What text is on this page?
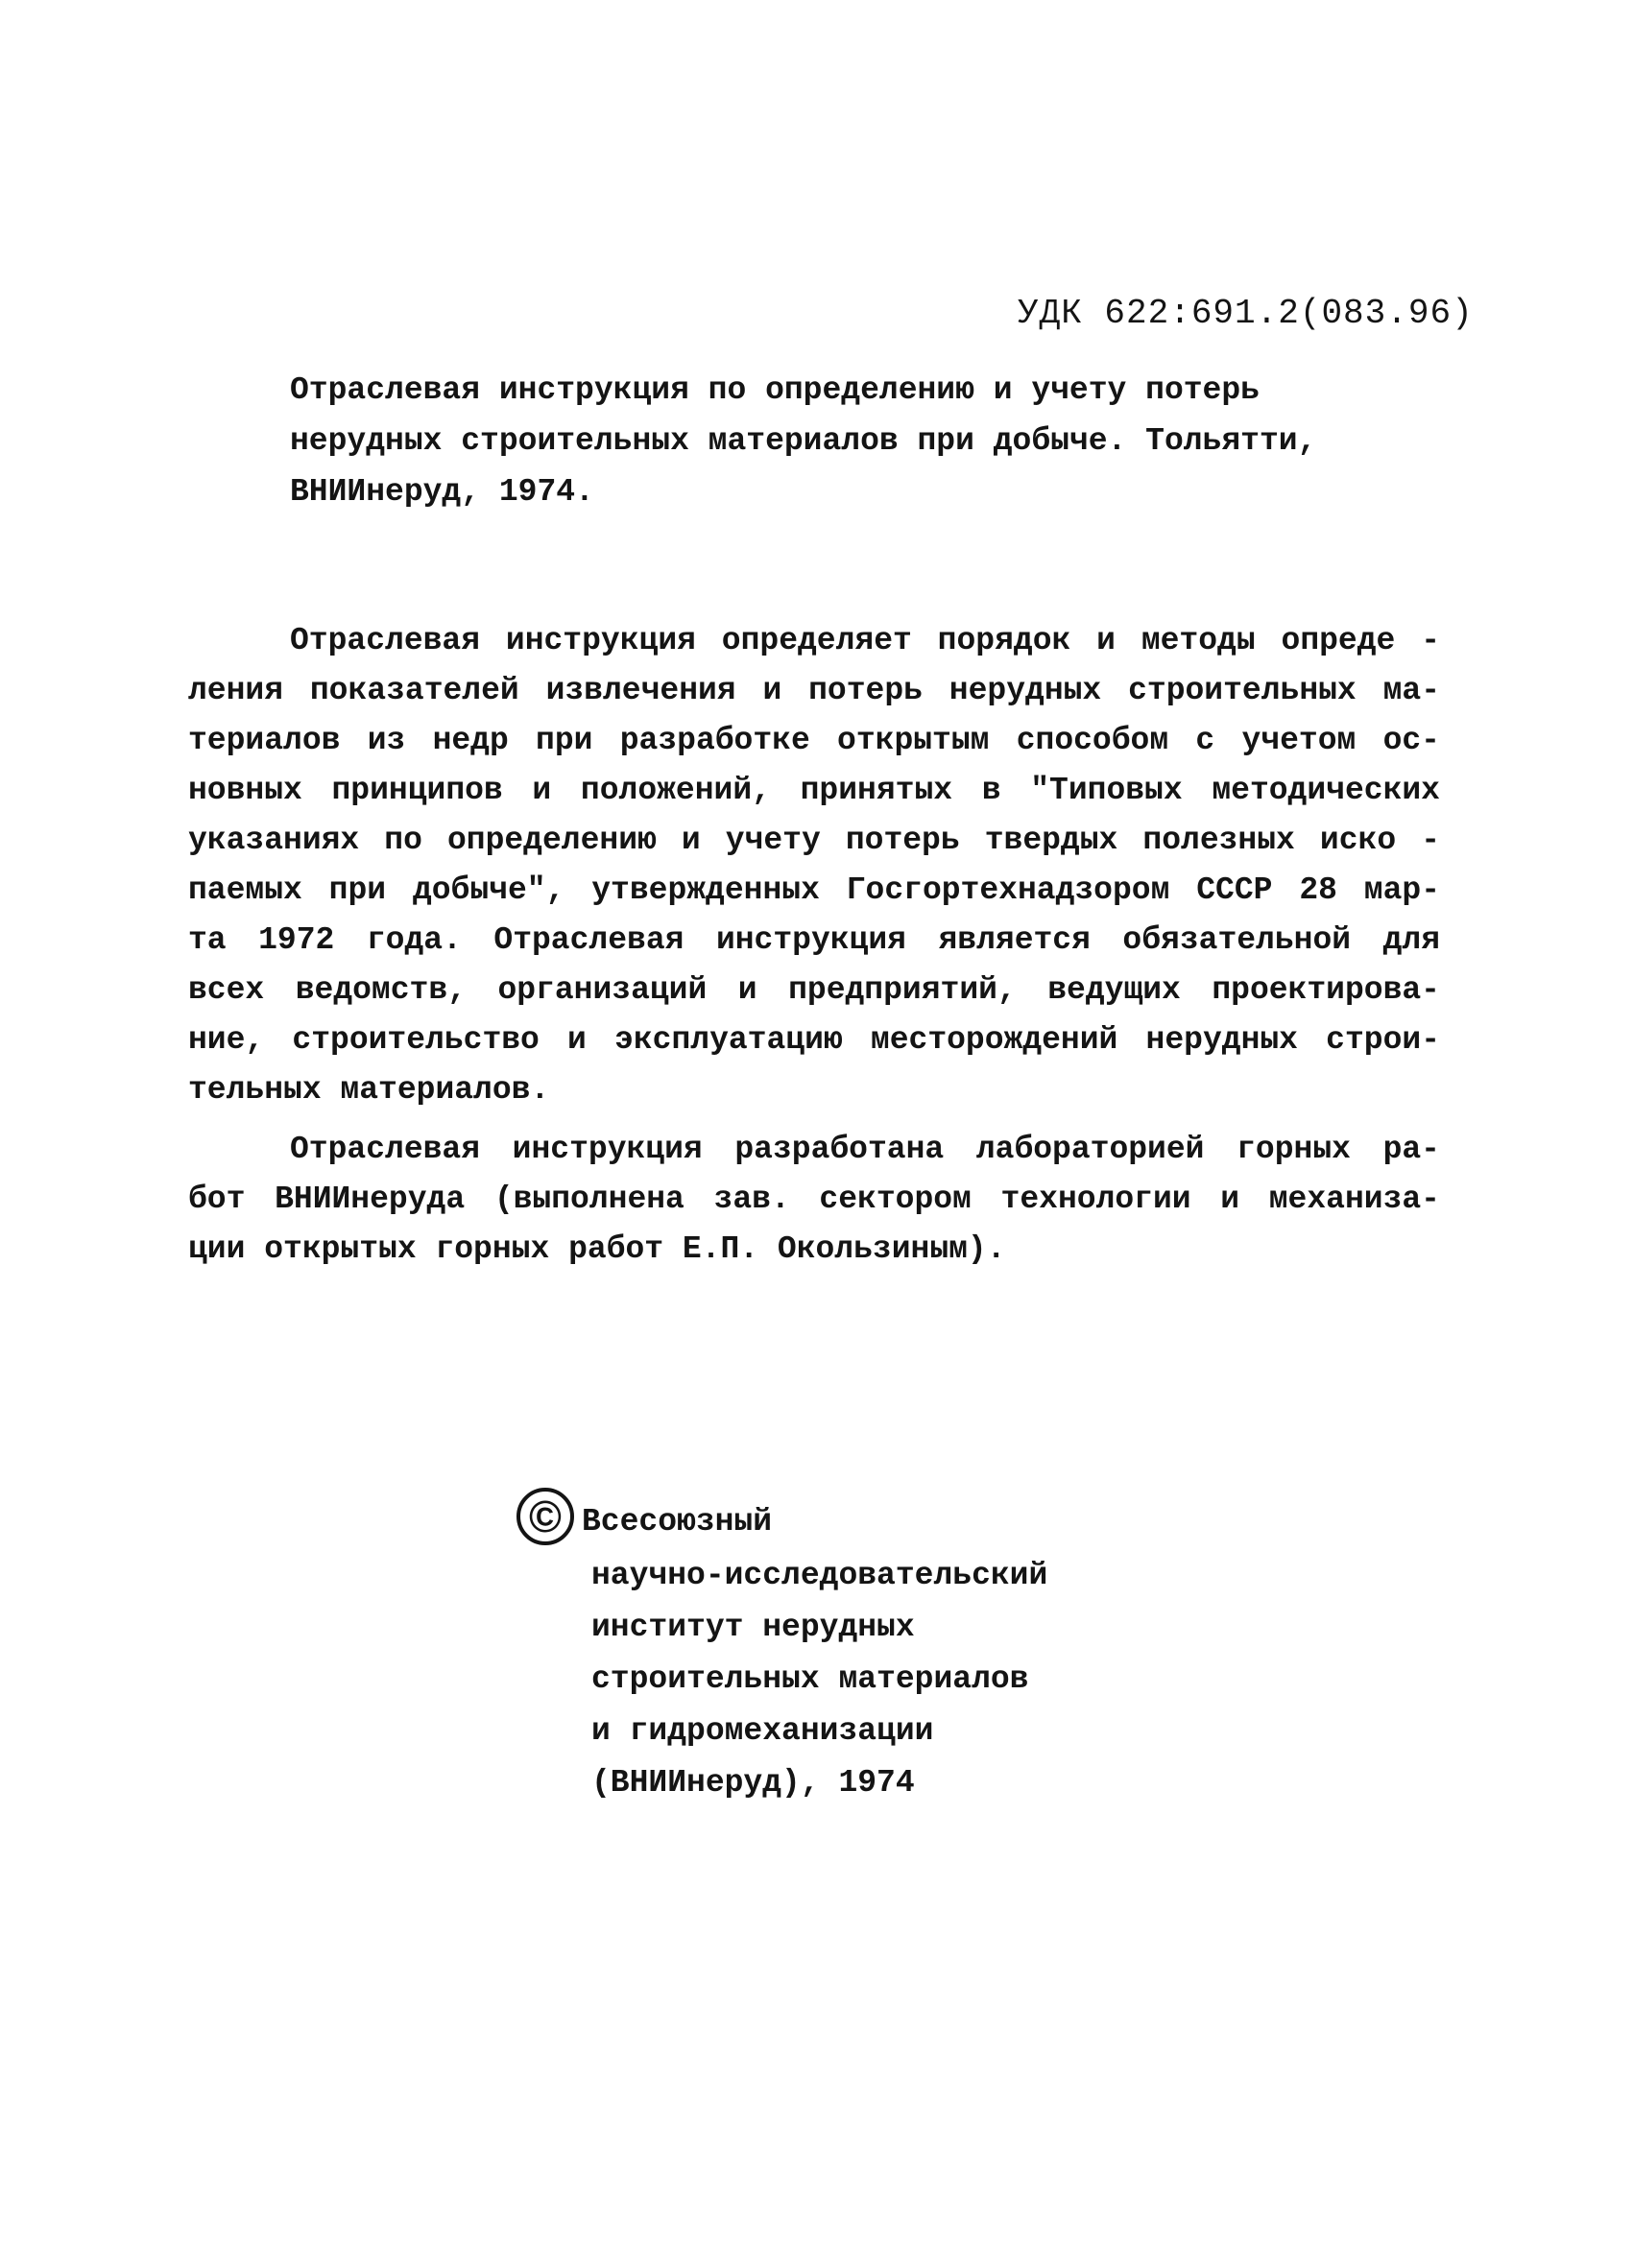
УДК 622:691.2(083.96)
Отраслевая инструкция по определению и учету потерь
нерудных строительных материалов при добыче. Тольятти,
ВНИИнеруд, 1974.
Отраслевая инструкция определяет порядок и методы опреде -
ления показателей извлечения и потерь нерудных строительных ма-
териалов из недр при разработке открытым способом с учетом ос-
новных принципов и положений, принятых в "Типовых методических
указаниях по определению и учету потерь твердых полезных иско -
паемых при добыче", утвержденных Госгортехнадзором СССР 28 мар-
та 1972 года. Отраслевая инструкция является обязательной для
всех ведомств, организаций и предприятий, ведущих проектирова-
ние, строительство и эксплуатацию месторождений нерудных строи-
тельных материалов.
Отраслевая инструкция разработана лабораторией горных ра-
бот ВНИИнеруда (выполнена зав. сектором технологии и механиза-
ции открытых горных работ Е.П. Окользиным).
© Всесоюзный
научно-исследовательский
институт нерудных
строительных материалов
и гидромеханизации
(ВНИИнеруд), 1974
